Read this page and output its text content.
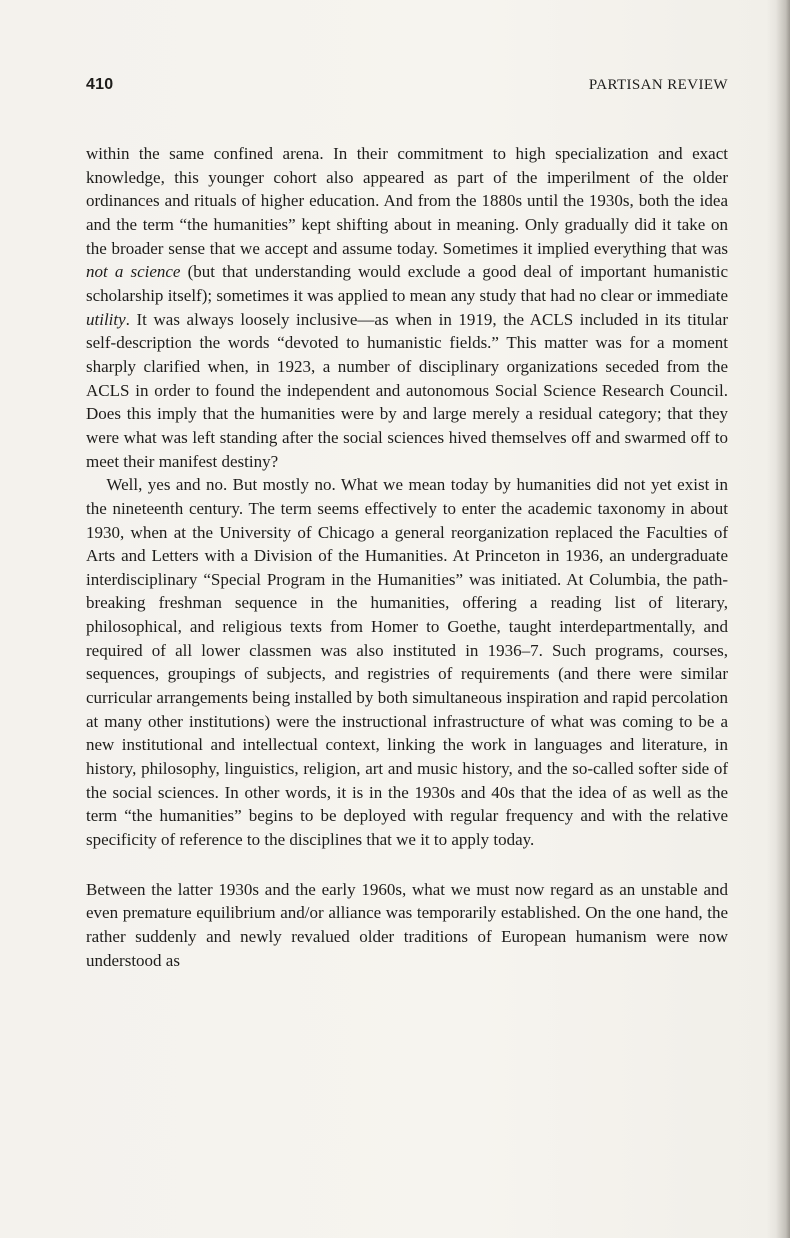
410	PARTISAN REVIEW

within the same confined arena. In their commitment to high specialization and exact knowledge, this younger cohort also appeared as part of the imperilment of the older ordinances and rituals of higher education. And from the 1880s until the 1930s, both the idea and the term “the humanities” kept shifting about in meaning. Only gradually did it take on the broader sense that we accept and assume today. Sometimes it implied everything that was not a science (but that understanding would exclude a good deal of important humanistic scholarship itself); sometimes it was applied to mean any study that had no clear or immediate utility. It was always loosely inclusive—as when in 1919, the ACLS included in its titular self-description the words “devoted to humanistic fields.” This matter was for a moment sharply clarified when, in 1923, a number of disciplinary organizations seceded from the ACLS in order to found the independent and autonomous Social Science Research Council. Does this imply that the humanities were by and large merely a residual category; that they were what was left standing after the social sciences hived themselves off and swarmed off to meet their manifest destiny?

Well, yes and no. But mostly no. What we mean today by humanities did not yet exist in the nineteenth century. The term seems effectively to enter the academic taxonomy in about 1930, when at the University of Chicago a general reorganization replaced the Faculties of Arts and Letters with a Division of the Humanities. At Princeton in 1936, an undergraduate interdisciplinary “Special Program in the Humanities” was initiated. At Columbia, the path-breaking freshman sequence in the humanities, offering a reading list of literary, philosophical, and religious texts from Homer to Goethe, taught interdepartmentally, and required of all lower classmen was also instituted in 1936–7. Such programs, courses, sequences, groupings of subjects, and registries of requirements (and there were similar curricular arrangements being installed by both simultaneous inspiration and rapid percolation at many other institutions) were the instructional infrastructure of what was coming to be a new institutional and intellectual context, linking the work in languages and literature, in history, philosophy, linguistics, religion, art and music history, and the so-called softer side of the social sciences. In other words, it is in the 1930s and 40s that the idea of as well as the term “the humanities” begins to be deployed with regular frequency and with the relative specificity of reference to the disciplines that we it to apply today.

Between the latter 1930s and the early 1960s, what we must now regard as an unstable and even premature equilibrium and/or alliance was temporarily established. On the one hand, the rather suddenly and newly revalued older traditions of European humanism were now understood as
